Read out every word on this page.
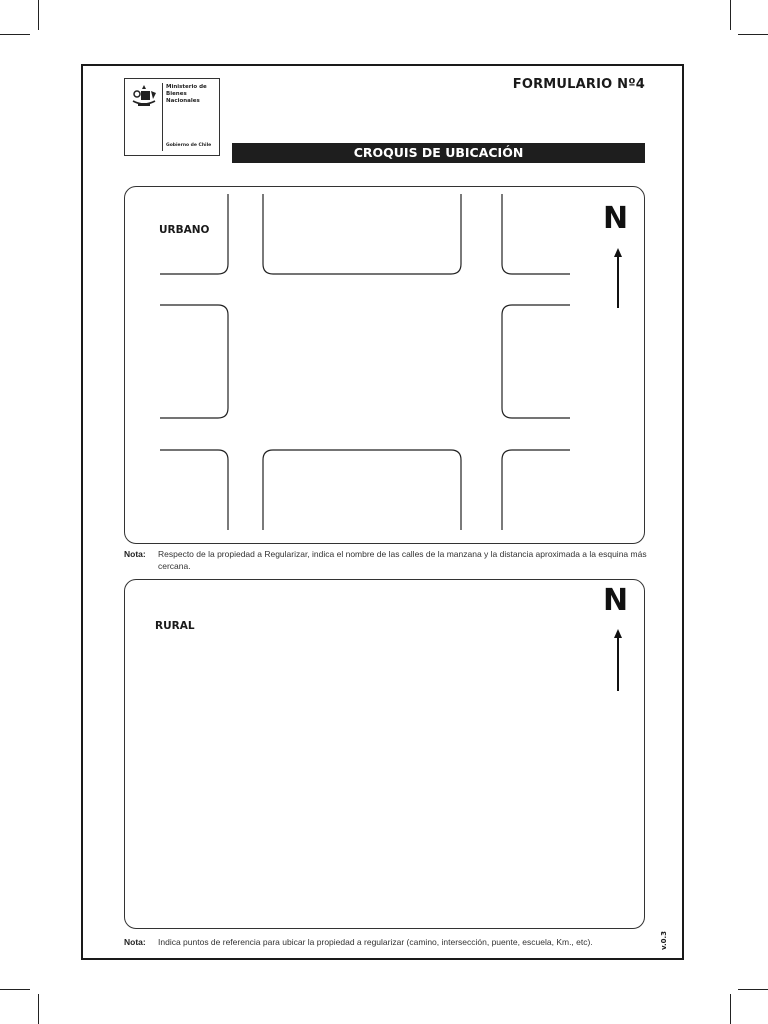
Ministerio de Bienes Nacionales
Gobierno de Chile
FORMULARIO Nº4
CROQUIS DE UBICACIÓN
URBANO	N
Nota: Respecto de la propiedad a Regularizar, indica el nombre de las calles de la manzana y la distancia aproximada a la esquina más cercana.
RURAL
N
Nota: Indica puntos de referencia para ubicar la propiedad a regularizar (camino, intersección, puente, escuela, Km., etc).	v.0.3
